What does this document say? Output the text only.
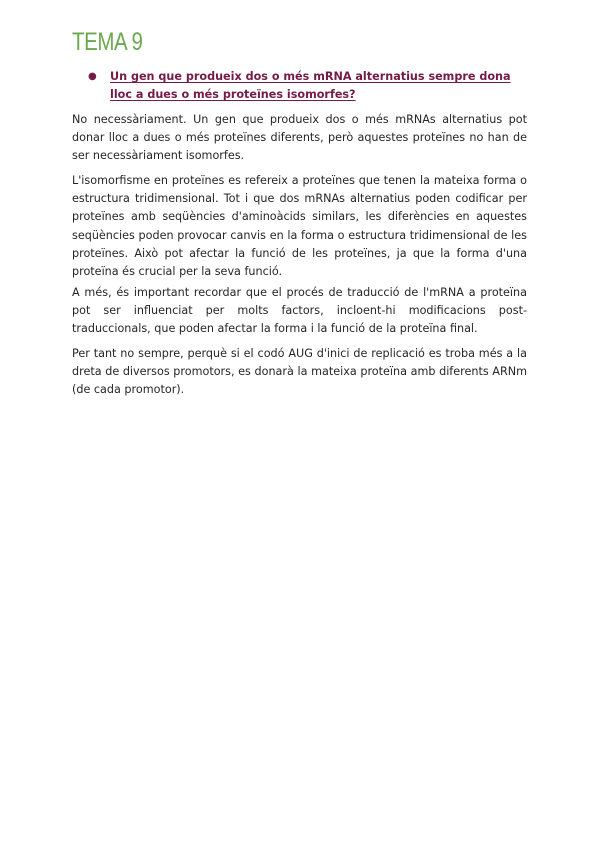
TEMA 9
● Un gen que produeix dos o més mRNA alternatius sempre dona lloc a dues o més proteïnes isomorfes?

No necessàriament. Un gen que produeix dos o més mRNAs alternatius pot donar lloc a dues o més proteïnes diferents, però aquestes proteïnes no han de ser necessàriament isomorfes.

L'isomorfisme en proteïnes es refereix a proteïnes que tenen la mateixa forma o estructura tridimensional. Tot i que dos mRNAs alternatius poden codificar per proteïnes amb seqüències d'aminoàcids similars, les diferències en aquestes seqüències poden provocar canvis en la forma o estructura tridimensional de les proteïnes. Això pot afectar la funció de les proteïnes, ja que la forma d'una proteïna és crucial per la seva funció.

A més, és important recordar que el procés de traducció de l'mRNA a proteïna pot ser influenciat per molts factors, incloent-hi modificacions post-traduccionals, que poden afectar la forma i la funció de la proteïna final.

Per tant no sempre, perquè si el codó AUG d'inici de replicació es troba més a la dreta de diversos promotors, es donarà la mateixa proteïna amb diferents ARNm (de cada promotor).
